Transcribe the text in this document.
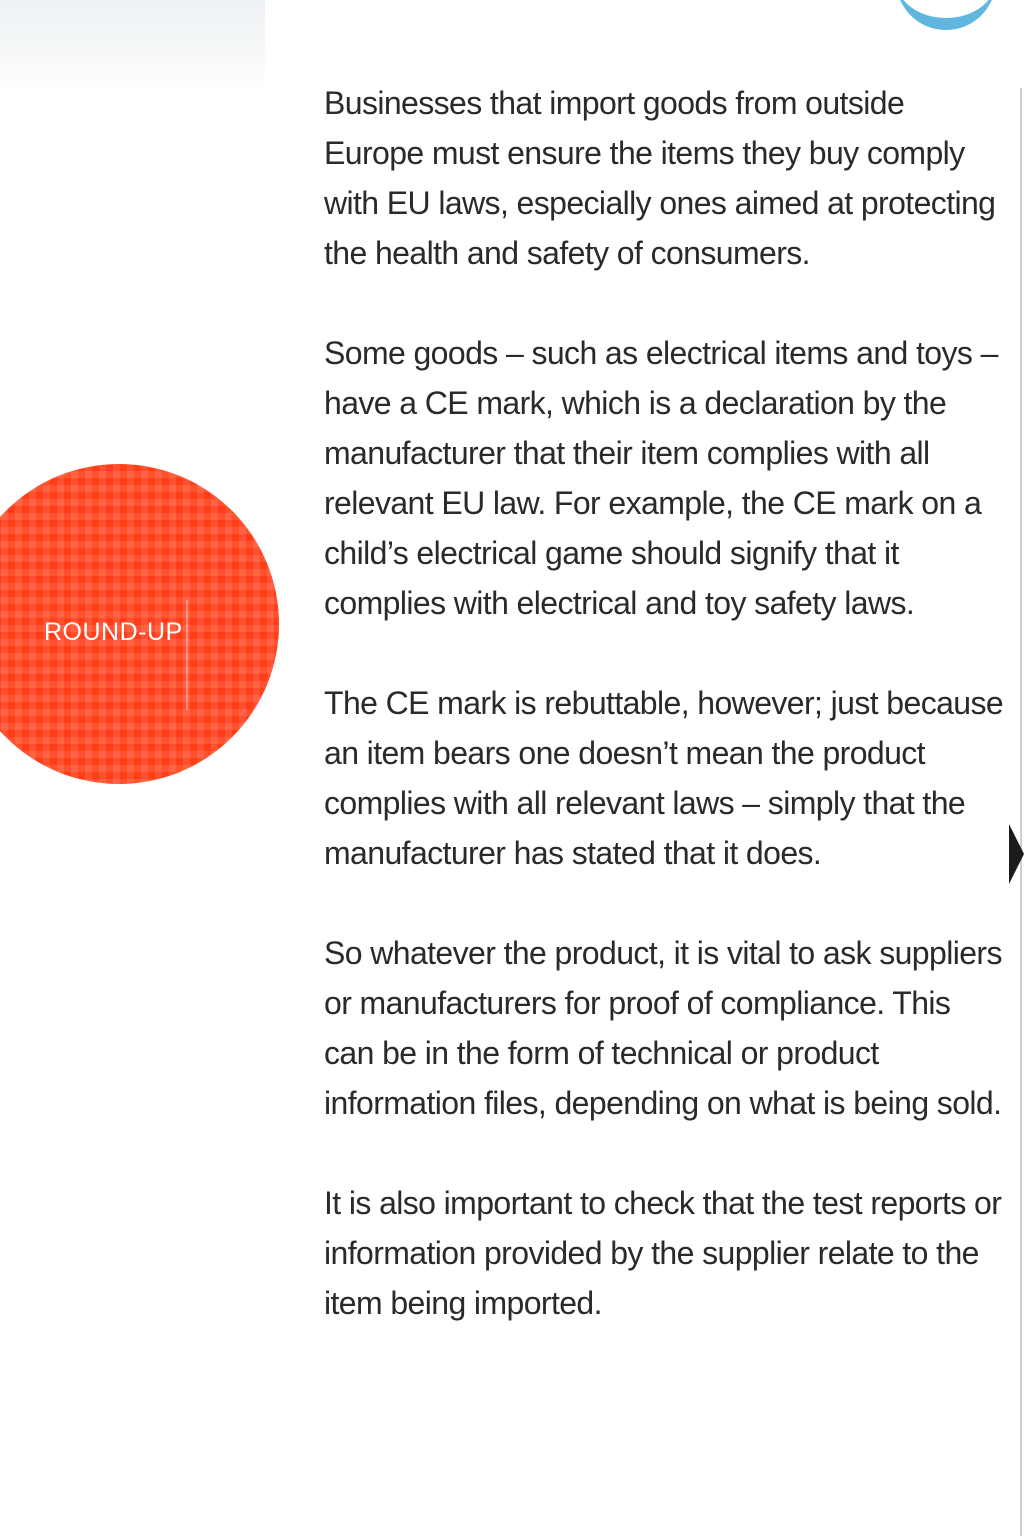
ROUND-UP

Businesses that import goods from outside Europe must ensure the items they buy comply with EU laws, especially ones aimed at protecting the health and safety of consumers.

Some goods – such as electrical items and toys – have a CE mark, which is a declaration by the manufacturer that their item complies with all relevant EU law. For example, the CE mark on a child’s electrical game should signify that it complies with electrical and toy safety laws.

The CE mark is rebuttable, however; just because an item bears one doesn’t mean the product complies with all relevant laws – simply that the manufacturer has stated that it does.

So whatever the product, it is vital to ask suppliers or manufacturers for proof of compliance. This can be in the form of technical or product information files, depending on what is being sold.

It is also important to check that the test reports or information provided by the supplier relate to the item being imported.
